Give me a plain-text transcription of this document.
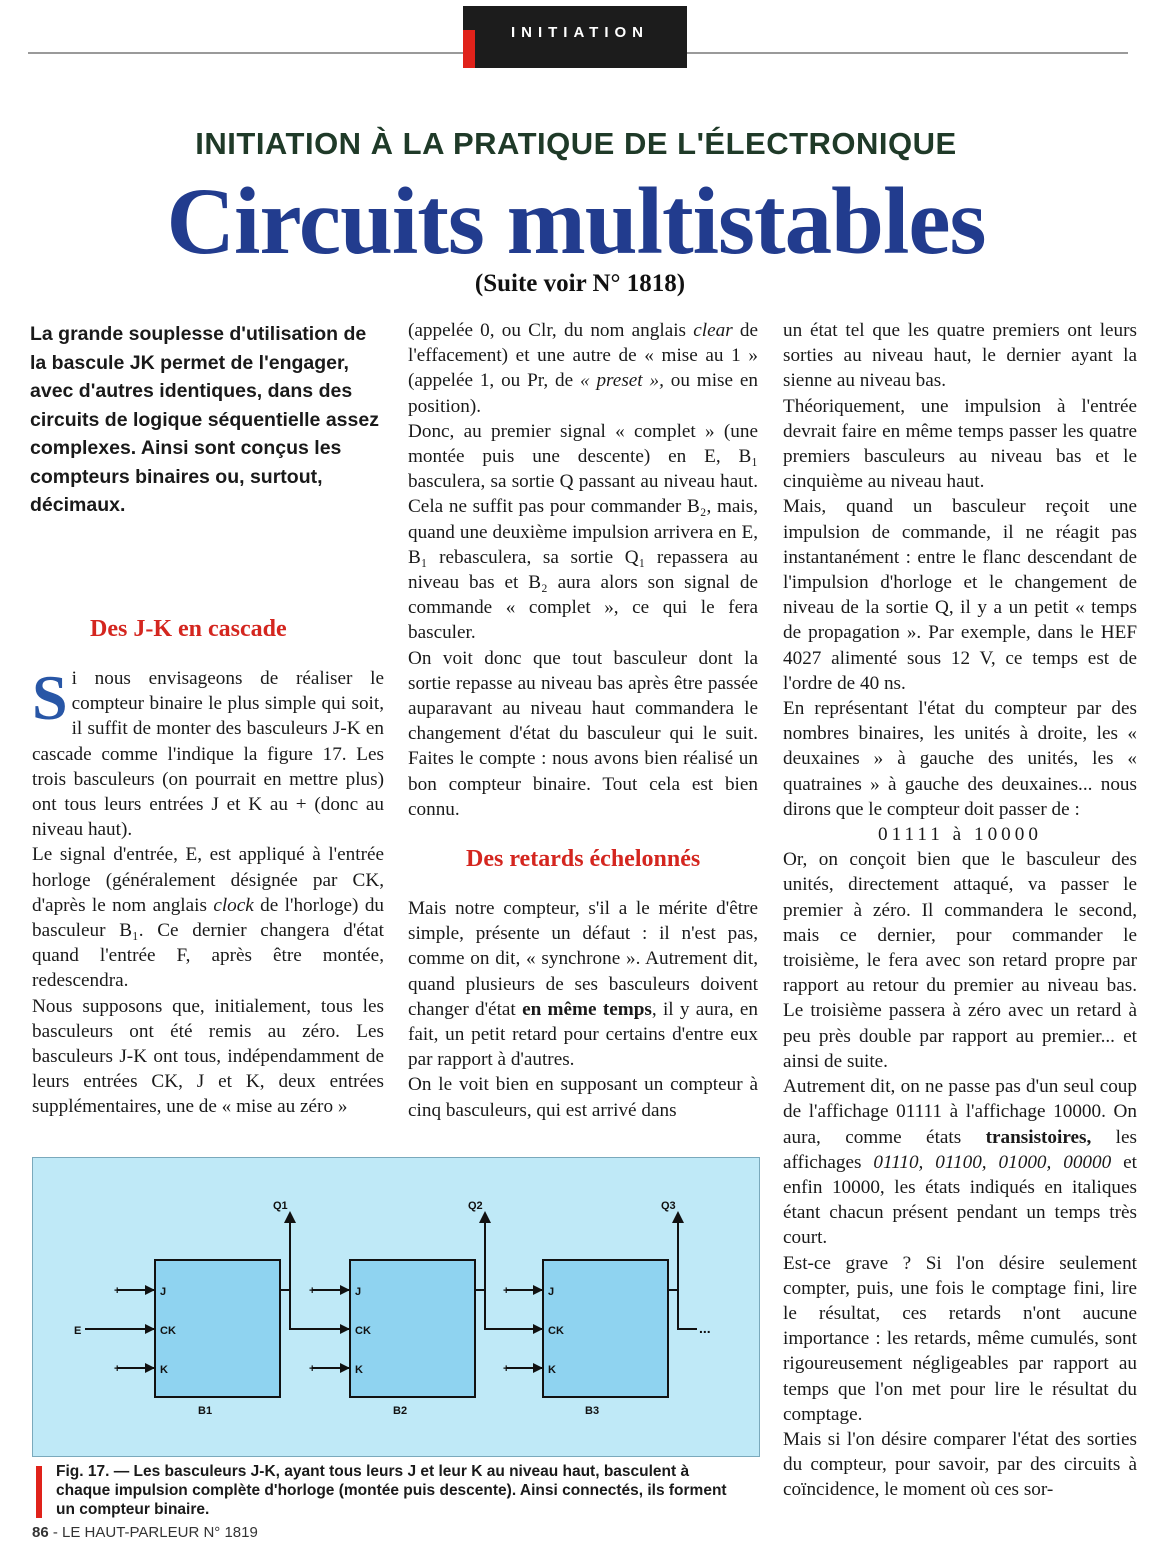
INITIATION
INITIATION À LA PRATIQUE DE L'ÉLECTRONIQUE
Circuits multistables
(Suite voir N° 1818)
La grande souplesse d'utilisation de la bascule JK permet de l'engager, avec d'autres identiques, dans des circuits de logique séquentielle assez complexes. Ainsi sont conçus les compteurs binaires ou, surtout, décimaux.
Des J-K en cascade

Si nous envisageons de réaliser le compteur binaire le plus simple qui soit, il suffit de monter des basculeurs J-K en cascade comme l'indique la figure 17. Les trois basculeurs (on pourrait en mettre plus) ont tous leurs entrées J et K au + (donc au niveau haut).

Le signal d'entrée, E, est appliqué à l'entrée horloge (généralement désignée par CK, d'après le nom anglais clock de l'horloge) du basculeur B₁. Ce dernier changera d'état quand l'entrée F, après être montée, redescendra.

Nous supposons que, initialement, tous les basculeurs ont été remis au zéro. Les basculeurs J-K ont tous, indépendamment de leurs entrées CK, J et K, deux entrées supplémentaires, une de « mise au zéro »

(appelée 0, ou Clr, du nom anglais clear de l'effacement) et une autre de « mise au 1 » (appelée 1, ou Pr, de « preset », ou mise en position).

Donc, au premier signal « complet » (une montée puis une descente) en E, B₁ basculera, sa sortie Q passant au niveau haut. Cela ne suffit pas pour commander B₂, mais, quand une deuxième impulsion arrivera en E, B₁ rebasculera, sa sortie Q₁ repassera au niveau bas et B₂ aura alors son signal de commande « complet », ce qui le fera basculer.

On voit donc que tout basculeur dont la sortie repasse au niveau bas après être passée auparavant au niveau haut commandera le changement d'état du basculeur qui le suit. Faites le compte : nous avons bien réalisé un bon compteur binaire. Tout cela est bien connu.

Des retards échelonnés

Mais notre compteur, s'il a le mérite d'être simple, présente un défaut : il n'est pas, comme on dit, « synchrone ». Autrement dit, quand plusieurs de ses basculeurs doivent changer d'état en même temps, il y aura, en fait, un petit retard pour certains d'entre eux par rapport à d'autres.

On le voit bien en supposant un compteur à cinq basculeurs, qui est arrivé dans

un état tel que les quatre premiers ont leurs sorties au niveau haut, le dernier ayant la sienne au niveau bas.

Théoriquement, une impulsion à l'entrée devrait faire en même temps passer les quatre premiers basculeurs au niveau bas et le cinquième au niveau haut.

Mais, quand un basculeur reçoit une impulsion de commande, il ne réagit pas instantanément : entre le flanc descendant de l'impulsion d'horloge et le changement de niveau de la sortie Q, il y a un petit « temps de propagation ». Par exemple, dans le HEF 4027 alimenté sous 12 V, ce temps est de l'ordre de 40 ns.

En représentant l'état du compteur par des nombres binaires, les unités à droite, les « deuxaines » à gauche des unités, les « quatraines » à gauche des deuxaines... nous dirons que le compteur doit passer de :

01111 à 10000

Or, on conçoit bien que le basculeur des unités, directement attaqué, va passer le premier à zéro. Il commandera le second, mais ce dernier, pour commander le troisième, le fera avec son retard propre par rapport au retour du premier au niveau bas. Le troisième passera à zéro avec un retard à peu près double par rapport au premier... et ainsi de suite.

Autrement dit, on ne passe pas d'un seul coup de l'affichage 01111 à l'affichage 10000. On aura, comme états transistoires, les affichages 01110, 01100, 01000, 00000 et enfin 10000, les états indiqués en italiques étant chacun présent pendant un temps très court.

Est-ce grave ? Si l'on désire seulement compter, puis, une fois le comptage fini, lire le résultat, ces retards n'ont aucune importance : les retards, même cumulés, sont rigoureusement négligeables par rapport au temps que l'on met pour lire le résultat du comptage.

Mais si l'on désire comparer l'état des sorties du compteur, pour savoir, par des circuits à coïncidence, le moment où ces sor-

+
+
+
+
+
+
E
J
CK
K
J
CK
K
J
CK
K
Q1	Q2	Q3
B1	B2	B3
...
Fig. 17. — Les basculeurs J-K, ayant tous leurs J et leur K au niveau haut, basculent à chaque impulsion complète d'horloge (montée puis descente). Ainsi connectés, ils forment un compteur binaire.
86 - LE HAUT-PARLEUR N° 1819
